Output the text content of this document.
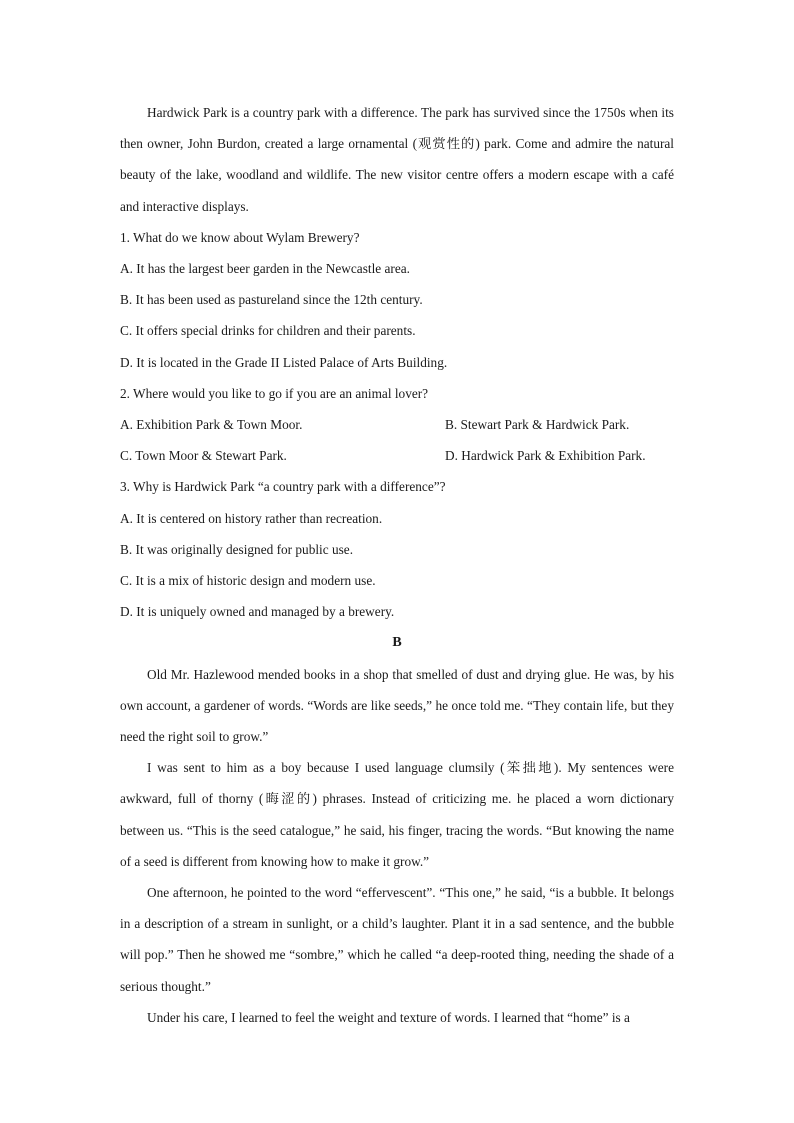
Hardwick Park is a country park with a difference. The park has survived since the 1750s when its then owner, John Burdon, created a large ornamental (观赏性的) park. Come and admire the natural beauty of the lake, woodland and wildlife. The new visitor centre offers a modern escape with a café and interactive displays.

1. What do we know about Wylam Brewery?

A. It has the largest beer garden in the Newcastle area.

B. It has been used as pastureland since the 12th century.

C. It offers special drinks for children and their parents.

D. It is located in the Grade II Listed Palace of Arts Building.

2. Where would you like to go if you are an animal lover?

A. Exhibition Park & Town Moor.	B. Stewart Park & Hardwick Park.
C. Town Moor & Stewart Park.	D. Hardwick Park & Exhibition Park.

3. Why is Hardwick Park “a country park with a difference”?

A. It is centered on history rather than recreation.

B. It was originally designed for public use.

C. It is a mix of historic design and modern use.

D. It is uniquely owned and managed by a brewery.

B

Old Mr. Hazlewood mended books in a shop that smelled of dust and drying glue. He was, by his own account, a gardener of words. “Words are like seeds,” he once told me. “They contain life, but they need the right soil to grow.”

I was sent to him as a boy because I used language clumsily (笨拙地). My sentences were awkward, full of thorny (晦涩的) phrases. Instead of criticizing me. he placed a worn dictionary between us. “This is the seed catalogue,” he said, his finger, tracing the words. “But knowing the name of a seed is different from knowing how to make it grow.”

One afternoon, he pointed to the word “effervescent”. “This one,” he said, “is a bubble. It belongs in a description of a stream in sunlight, or a child’s laughter. Plant it in a sad sentence, and the bubble will pop.” Then he showed me “sombre,” which he called “a deep-rooted thing, needing the shade of a serious thought.”

Under his care, I learned to feel the weight and texture of words. I learned that “home” is a
